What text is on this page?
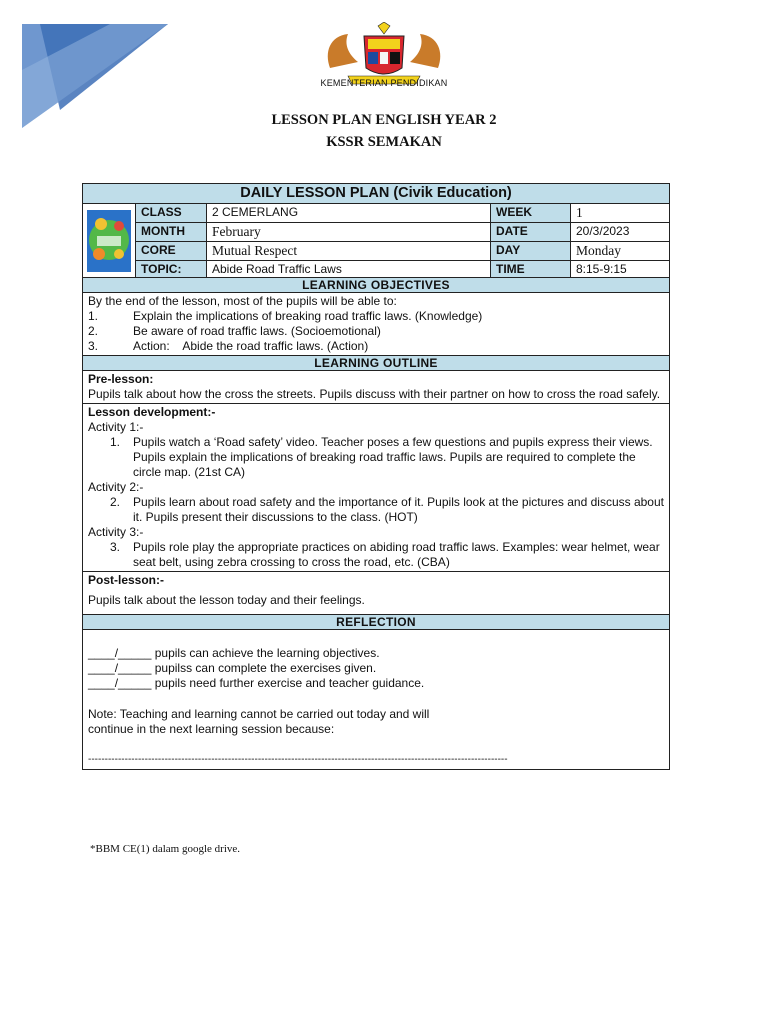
KEMENTERIAN PENDIDIKAN
LESSON PLAN ENGLISH YEAR 2
KSSR SEMAKAN
DAILY LESSON PLAN (Civik Education)
CLASS	2 CEMERLANG	WEEK	1
MONTH	February	DATE	20/3/2023
CORE	Mutual Respect	DAY	Monday
TOPIC:	Abide Road Traffic Laws	TIME	8:15-9:15
LEARNING OBJECTIVES

By the end of the lesson, most of the pupils will be able to:

1.	Explain the implications of breaking road traffic laws. (Knowledge)
2.	Be aware of road traffic laws. (Socioemotional)
3.	Action:    Abide the road traffic laws. (Action)
LEARNING OUTLINE

Pre-lesson:

Pupils talk about how the cross the streets. Pupils discuss with their partner on how to cross the road safely.

Lesson development:-

Activity 1:-

1.	Pupils watch a ‘Road safety’ video. Teacher poses a few questions and pupils express their views. Pupils explain the implications of breaking road traffic laws. Pupils are required to complete the circle map. (21st CA)

Activity 2:-

2.	Pupils learn about road safety and the importance of it. Pupils look at the pictures and discuss about it. Pupils present their discussions to the class. (HOT)

Activity 3:-

3.	Pupils role play the appropriate practices on abiding road traffic laws. Examples: wear helmet, wear seat belt, using zebra crossing to cross the road, etc. (CBA)

Post-lesson:-

Pupils talk about the lesson today and their feelings.

REFLECTION

____/_____ pupils can achieve the learning objectives.

____/_____ pupilss can complete the exercises given.

____/_____ pupils need further exercise and teacher guidance.

Note: Teaching and learning cannot be carried out today and will

continue in the next learning session because:

------------------------------------------------------------------------------------------------------------------------------

*BBM CE(1) dalam google drive.
